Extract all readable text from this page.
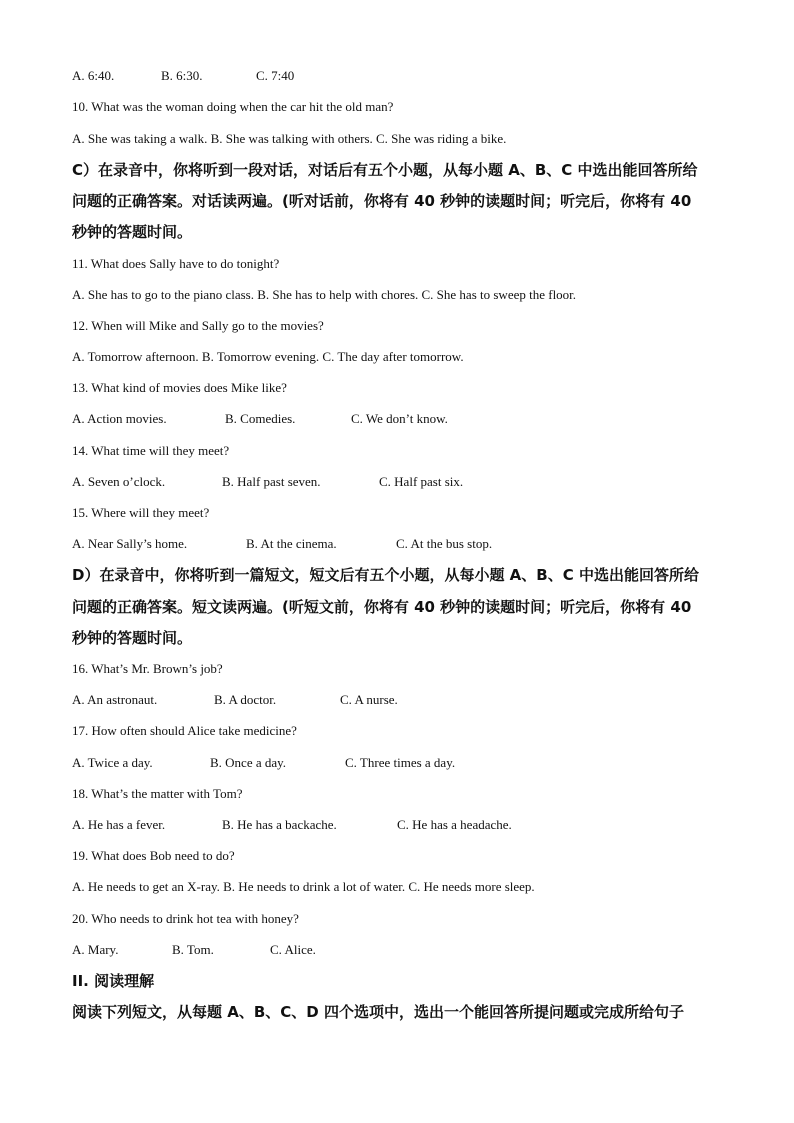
A. 6:40.	B. 6:30.	C. 7:40
10. What was the woman doing when the car hit the old man?
A. She was taking a walk. B. She was talking with others. C. She was riding a bike.
C）在录音中，你将听到一段对话，对话后有五个小题，从每小题 A、B、C 中选出能回答所给
问题的正确答案。对话读两遍。(听对话前，你将有 40 秒钟的读题时间；听完后，你将有 40
秒钟的答题时间。
11. What does Sally have to do tonight?
A. She has to go to the piano class. B. She has to help with chores. C. She has to sweep the floor.
12. When will Mike and Sally go to the movies?
A. Tomorrow afternoon. B. Tomorrow evening. C. The day after tomorrow.
13. What kind of movies does Mike like?
A. Action movies.	B. Comedies.	C. We don’t know.
14. What time will they meet?
A. Seven o’clock.	B. Half past seven.	C. Half past six.
15. Where will they meet?
A. Near Sally’s home.	B. At the cinema.	C. At the bus stop.
D）在录音中，你将听到一篇短文，短文后有五个小题，从每小题 A、B、C 中选出能回答所给
问题的正确答案。短文读两遍。(听短文前，你将有 40 秒钟的读题时间；听完后，你将有 40
秒钟的答题时间。
16. What’s Mr. Brown’s job?
A. An astronaut.	B. A doctor.	C. A nurse.
17. How often should Alice take medicine?
A. Twice a day.	B. Once a day.	C. Three times a day.
18. What’s the matter with Tom?
A. He has a fever.	B. He has a backache.	C. He has a headache.
19. What does Bob need to do?
A. He needs to get an X-ray. B. He needs to drink a lot of water. C. He needs more sleep.
20. Who needs to drink hot tea with honey?
A. Mary.	B. Tom.	C. Alice.
II. 阅读理解
阅读下列短文，从每题 A、B、C、D 四个选项中，选出一个能回答所提问题或完成所给句子
